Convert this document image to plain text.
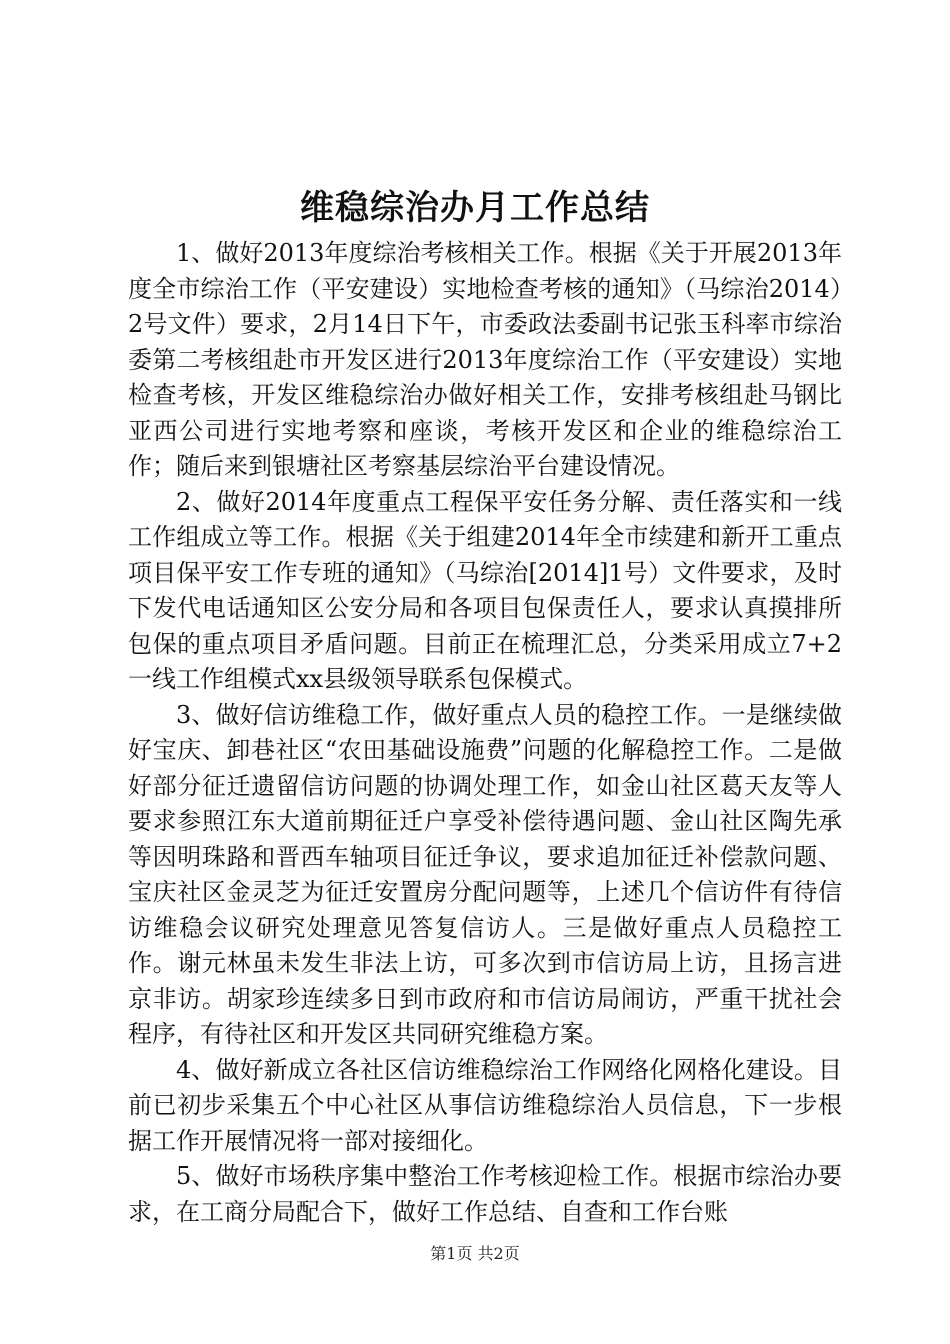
维稳综治办月工作总结

1、做好2013年度综治考核相关工作。根据《关于开展2013年度全市综治工作（平安建设）实地检查考核的通知》（马综治2014）2号文件）要求，2月14日下午，市委政法委副书记张玉科率市综治委第二考核组赴市开发区进行2013年度综治工作（平安建设）实地检查考核，开发区维稳综治办做好相关工作，安排考核组赴马钢比亚西公司进行实地考察和座谈，考核开发区和企业的维稳综治工作；随后来到银塘社区考察基层综治平台建设情况。

2、做好2014年度重点工程保平安任务分解、责任落实和一线工作组成立等工作。根据《关于组建2014年全市续建和新开工重点项目保平安工作专班的通知》（马综治[2014]1号）文件要求，及时下发代电话通知区公安分局和各项目包保责任人，要求认真摸排所包保的重点项目矛盾问题。目前正在梳理汇总，分类采用成立7+2一线工作组模式xx县级领导联系包保模式。

3、做好信访维稳工作，做好重点人员的稳控工作。一是继续做好宝庆、卸巷社区“农田基础设施费”问题的化解稳控工作。二是做好部分征迁遗留信访问题的协调处理工作，如金山社区葛天友等人要求参照江东大道前期征迁户享受补偿待遇问题、金山社区陶先承等因明珠路和晋西车轴项目征迁争议，要求追加征迁补偿款问题、宝庆社区金灵芝为征迁安置房分配问题等，上述几个信访件有待信访维稳会议研究处理意见答复信访人。三是做好重点人员稳控工作。谢元林虽未发生非法上访，可多次到市信访局上访，且扬言进京非访。胡家珍连续多日到市政府和市信访局闹访，严重干扰社会程序，有待社区和开发区共同研究维稳方案。

4、做好新成立各社区信访维稳综治工作网络化网格化建设。目前已初步采集五个中心社区从事信访维稳综治人员信息，下一步根据工作开展情况将一部对接细化。

5、做好市场秩序集中整治工作考核迎检工作。根据市综治办要求，在工商分局配合下，做好工作总结、自查和工作台账

第1页 共2页
